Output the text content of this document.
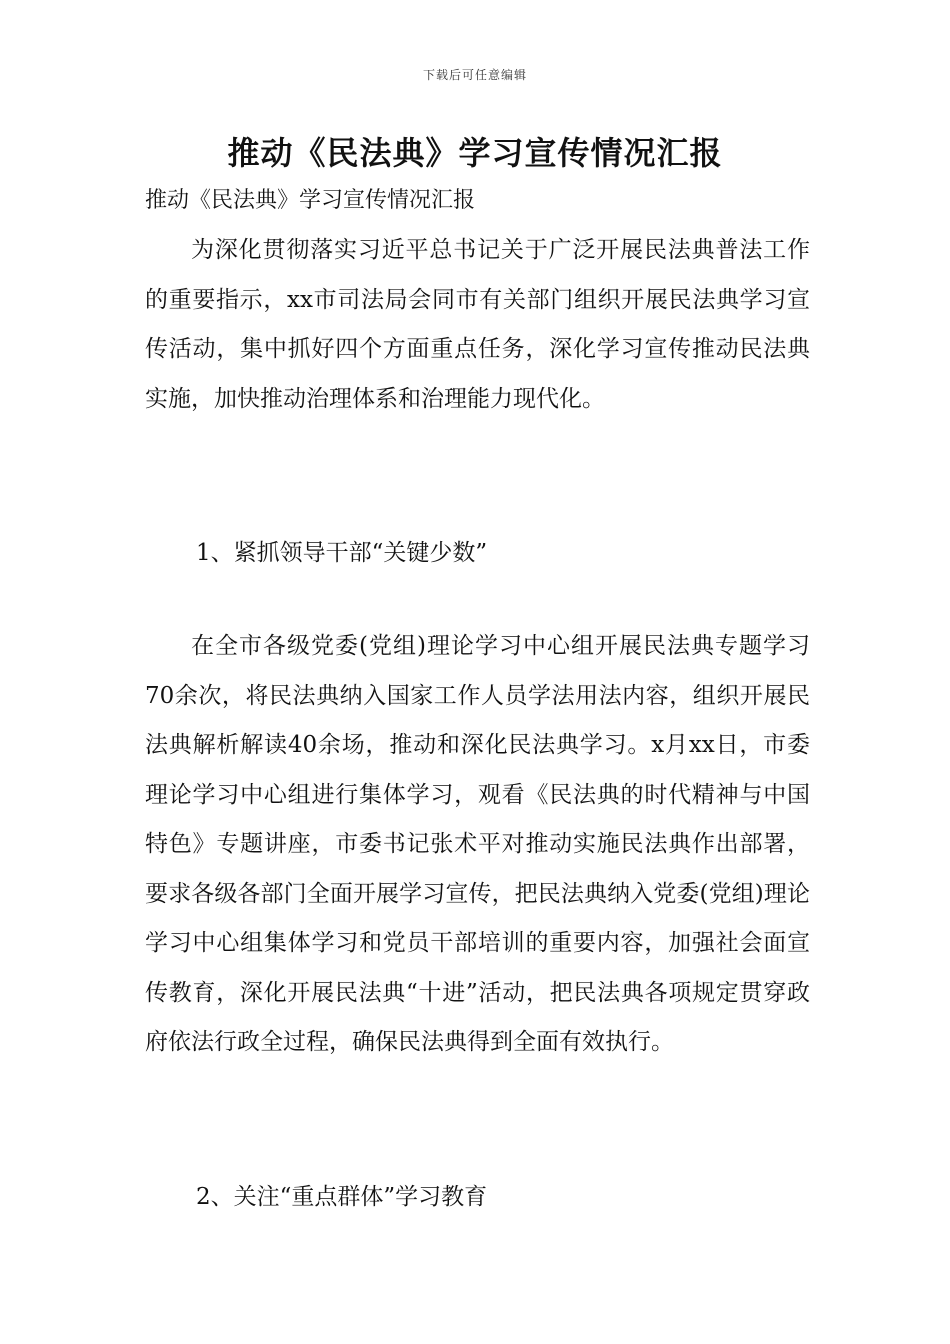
下载后可任意编辑
推动《民法典》学习宣传情况汇报

推动《民法典》学习宣传情况汇报

为深化贯彻落实习近平总书记关于广泛开展民法典普法工作的重要指示，xx市司法局会同市有关部门组织开展民法典学习宣传活动，集中抓好四个方面重点任务，深化学习宣传推动民法典实施，加快推动治理体系和治理能力现代化。

1、紧抓领导干部“关键少数”

在全市各级党委(党组)理论学习中心组开展民法典专题学习70余次，将民法典纳入国家工作人员学法用法内容，组织开展民法典解析解读40余场，推动和深化民法典学习。x月xx日，市委理论学习中心组进行集体学习，观看《民法典的时代精神与中国特色》专题讲座，市委书记张术平对推动实施民法典作出部署，要求各级各部门全面开展学习宣传，把民法典纳入党委(党组)理论学习中心组集体学习和党员干部培训的重要内容，加强社会面宣传教育，深化开展民法典“十进”活动，把民法典各项规定贯穿政府依法行政全过程，确保民法典得到全面有效执行。

2、关注“重点群体”学习教育
